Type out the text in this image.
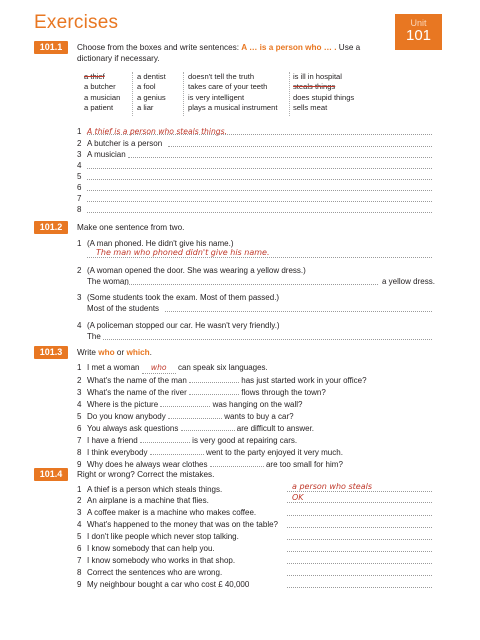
Exercises	Unit
101
101.1	Choose from the boxes and write sentences: A … is a person who … . Use a
dictionary if necessary.
a thief
a butcher
a musician
a patient
a dentist
a fool
a genius
a liar
doesn't tell the truth
takes care of your teeth
is very intelligent
plays a musical instrument
is ill in hospital
steals things
does stupid things
sells meat
1 A thief is a person who steals things.
2 A butcher is a person
3 A musician
4
5
6
7
8
101.2	Make one sentence from two.
1 (A man phoned. He didn't give his name.)
The man who phoned didn't give his name.
2 (A woman opened the door. She was wearing a yellow dress.)
The woman	a yellow dress.
3 (Some students took the exam. Most of them passed.)
Most of the students
4 (A policeman stopped our car. He wasn't very friendly.)
The
101.3	Write who or which.
1 I met a woman who can speak six languages.
2 What's the name of the man	has just started work in your office?
3 What's the name of the river	flows through the town?
4 Where is the picture	was hanging on the wall?
5 Do you know anybody	wants to buy a car?
6 You always ask questions	are difficult to answer.
7 I have a friend	is very good at repairing cars.
8 I think everybody	went to the party enjoyed it very much.
9 Why does he always wear clothes	are too small for him?
101.4	Right or wrong? Correct the mistakes.
1 A thief is a person which steals things.	a person who steals
2 An airplane is a machine that flies.	OK
3 A coffee maker is a machine who makes coffee.
4 What's happened to the money that was on the table?
5 I don't like people which never stop talking.
6 I know somebody that can help you.
7 I know somebody who works in that shop.
8 Correct the sentences who are wrong.
9 My neighbour bought a car who cost £ 40,000
